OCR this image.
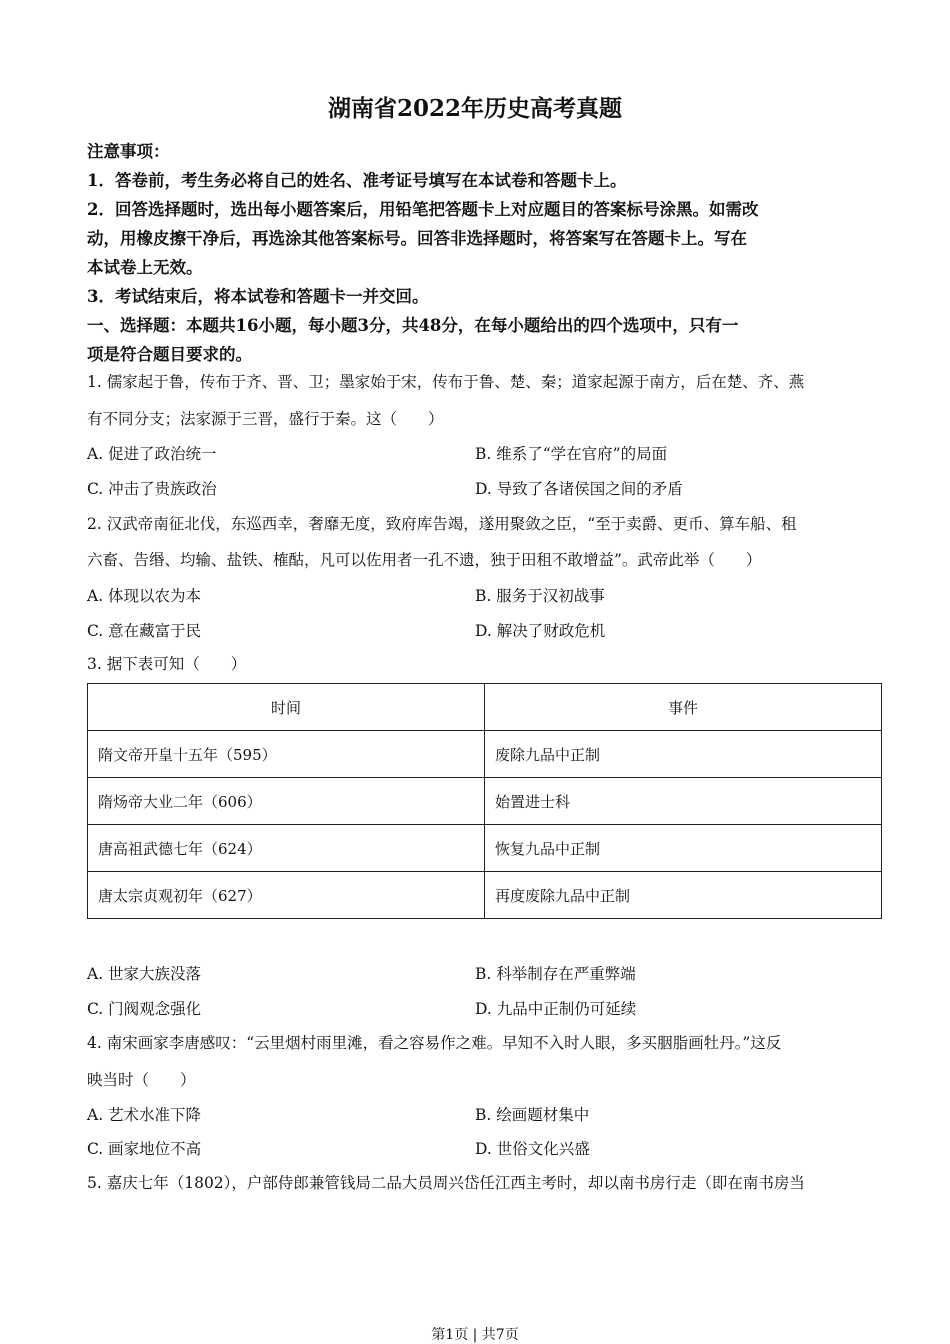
湖南省2022年历史高考真题
注意事项：
1．答卷前，考生务必将自己的姓名、准考证号填写在本试卷和答题卡上。
2．回答选择题时，选出每小题答案后，用铅笔把答题卡上对应题目的答案标号涂黑。如需改
动，用橡皮擦干净后，再选涂其他答案标号。回答非选择题时，将答案写在答题卡上。写在
本试卷上无效。
3．考试结束后，将本试卷和答题卡一并交回。
一、选择题：本题共16小题，每小题3分，共48分，在每小题给出的四个选项中，只有一
项是符合题目要求的。
1. 儒家起于鲁，传布于齐、晋、卫；墨家始于宋，传布于鲁、楚、秦；道家起源于南方，后在楚、齐、燕
有不同分支；法家源于三晋，盛行于秦。这（　　）
A. 促进了政治统一	B. 维系了“学在官府”的局面
C. 冲击了贵族政治	D. 导致了各诸侯国之间的矛盾
2. 汉武帝南征北伐，东巡西幸，奢靡无度，致府库告竭，遂用聚敛之臣，“至于卖爵、更币、算车船、租
六畜、告缗、均输、盐铁、榷酤，凡可以佐用者一孔不遗，独于田租不敢增益”。武帝此举（　　）
A. 体现以农为本	B. 服务于汉初战事
C. 意在藏富于民	D. 解决了财政危机
3. 据下表可知（　　）
时间	事件
隋文帝开皇十五年（595）	废除九品中正制
隋炀帝大业二年（606）	始置进士科
唐高祖武德七年（624）	恢复九品中正制
唐太宗贞观初年（627）	再度废除九品中正制
A. 世家大族没落	B. 科举制存在严重弊端
C. 门阀观念强化	D. 九品中正制仍可延续
4. 南宋画家李唐感叹：“云里烟村雨里滩，看之容易作之难。早知不入时人眼，多买胭脂画牡丹。”这反
映当时（　　）
A. 艺术水准下降	B. 绘画题材集中
C. 画家地位不高	D. 世俗文化兴盛
5. 嘉庆七年（1802），户部侍郎兼管钱局二品大员周兴岱任江西主考时，却以南书房行走（即在南书房当
第1页 | 共7页
